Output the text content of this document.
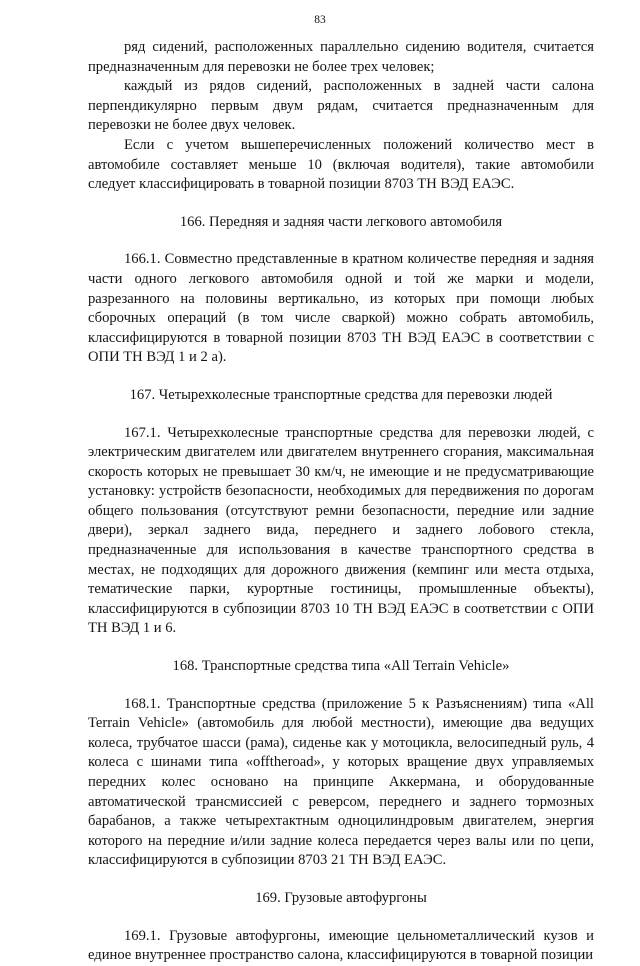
83

ряд сидений, расположенных параллельно сидению водителя, считается предназначенным для перевозки не более трех человек;

каждый из рядов сидений, расположенных в задней части салона перпендикулярно первым двум рядам, считается предназначенным для перевозки не более двух человек.

Если с учетом вышеперечисленных положений количество мест в автомобиле составляет меньше 10 (включая водителя), такие автомобили следует классифицировать в товарной позиции 8703 ТН ВЭД ЕАЭС.

166. Передняя и задняя части легкового автомобиля

166.1. Совместно представленные в кратном количестве передняя и задняя части одного легкового автомобиля одной и той же марки и модели, разрезанного на половины вертикально, из которых при помощи любых сборочных операций (в том числе сваркой) можно собрать автомобиль, классифицируются в товарной позиции 8703 ТН ВЭД ЕАЭС в соответствии с ОПИ ТН ВЭД 1 и 2 а).

167. Четырехколесные транспортные средства для перевозки людей

167.1. Четырехколесные транспортные средства для перевозки людей, с электрическим двигателем или двигателем внутреннего сгорания, максимальная скорость которых не превышает 30 км/ч, не имеющие и не предусматривающие установку: устройств безопасности, необходимых для передвижения по дорогам общего пользования (отсутствуют ремни безопасности, передние или задние двери), зеркал заднего вида, переднего и заднего лобового стекла, предназначенные для использования в качестве транспортного средства в местах, не подходящих для дорожного движения (кемпинг или места отдыха, тематические парки, курортные гостиницы, промышленные объекты), классифицируются в субпозиции 8703 10 ТН ВЭД ЕАЭС в соответствии с ОПИ ТН ВЭД 1 и 6.

168. Транспортные средства типа «All Terrain Vehicle»

168.1. Транспортные средства (приложение 5 к Разъяснениям) типа «All Terrain Vehicle» (автомобиль для любой местности), имеющие два ведущих колеса, трубчатое шасси (рама), сиденье как у мотоцикла, велосипедный руль, 4 колеса с шинами типа «offtheroad», у которых вращение двух управляемых передних колес основано на принципе Аккермана, и оборудованные автоматической трансмиссией с реверсом, переднего и заднего тормозных барабанов, а также четырехтактным одноцилиндровым двигателем, энергия которого на передние и/или задние колеса передается через валы или по цепи, классифицируются в субпозиции 8703 21 ТН ВЭД ЕАЭС.

169. Грузовые автофургоны

169.1. Грузовые автофургоны, имеющие цельнометаллический кузов и единое внутреннее пространство салона, классифицируются в товарной позиции
